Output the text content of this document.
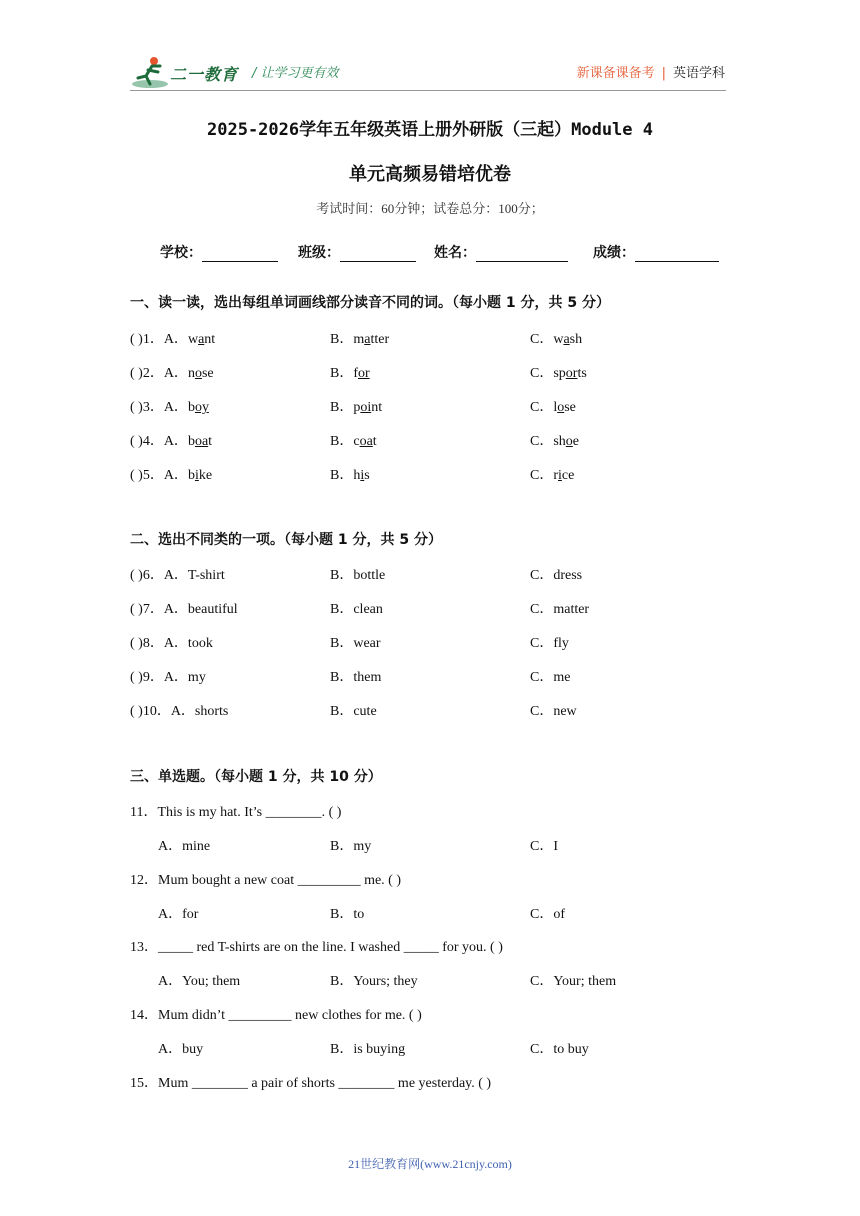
二一教育 / 让学习更有效	新课备课备考 | 英语学科
2025-2026学年五年级英语上册外研版（三起）Module 4
单元高频易错培优卷
考试时间：60分钟；试卷总分：100分；
学校：	班级：	姓名：	成绩：
一、读一读，选出每组单词画线部分读音不同的词。（每小题 1 分，共 5 分）
( )1．A．want	B．matter	C．wash
( )2．A．nose	B．for	C．sports
( )3．A．boy	B．point	C．lose
( )4．A．boat	B．coat	C．shoe
( )5．A．bike	B．his	C．rice
二、选出不同类的一项。（每小题 1 分，共 5 分）
( )6．A．T-shirt	B．bottle	C．dress
( )7．A．beautiful	B．clean	C．matter
( )8．A．took	B．wear	C．fly
( )9．A．my	B．them	C．me
( )10．A．shorts	B．cute	C．new
三、单选题。（每小题 1 分，共 10 分）
11．This is my hat. It’s ________. ( )
A．mine	B．my	C．I
12．Mum bought a new coat _________ me. ( )
A．for	B．to	C．of
13．_____ red T-shirts are on the line. I washed _____ for you. ( )
A．You; them	B．Yours; they	C．Your; them
14．Mum didn’t _________ new clothes for me. ( )
A．buy	B．is buying	C．to buy
15．Mum ________ a pair of shorts ________ me yesterday. ( )
21世纪教育网(www.21cnjy.com)
